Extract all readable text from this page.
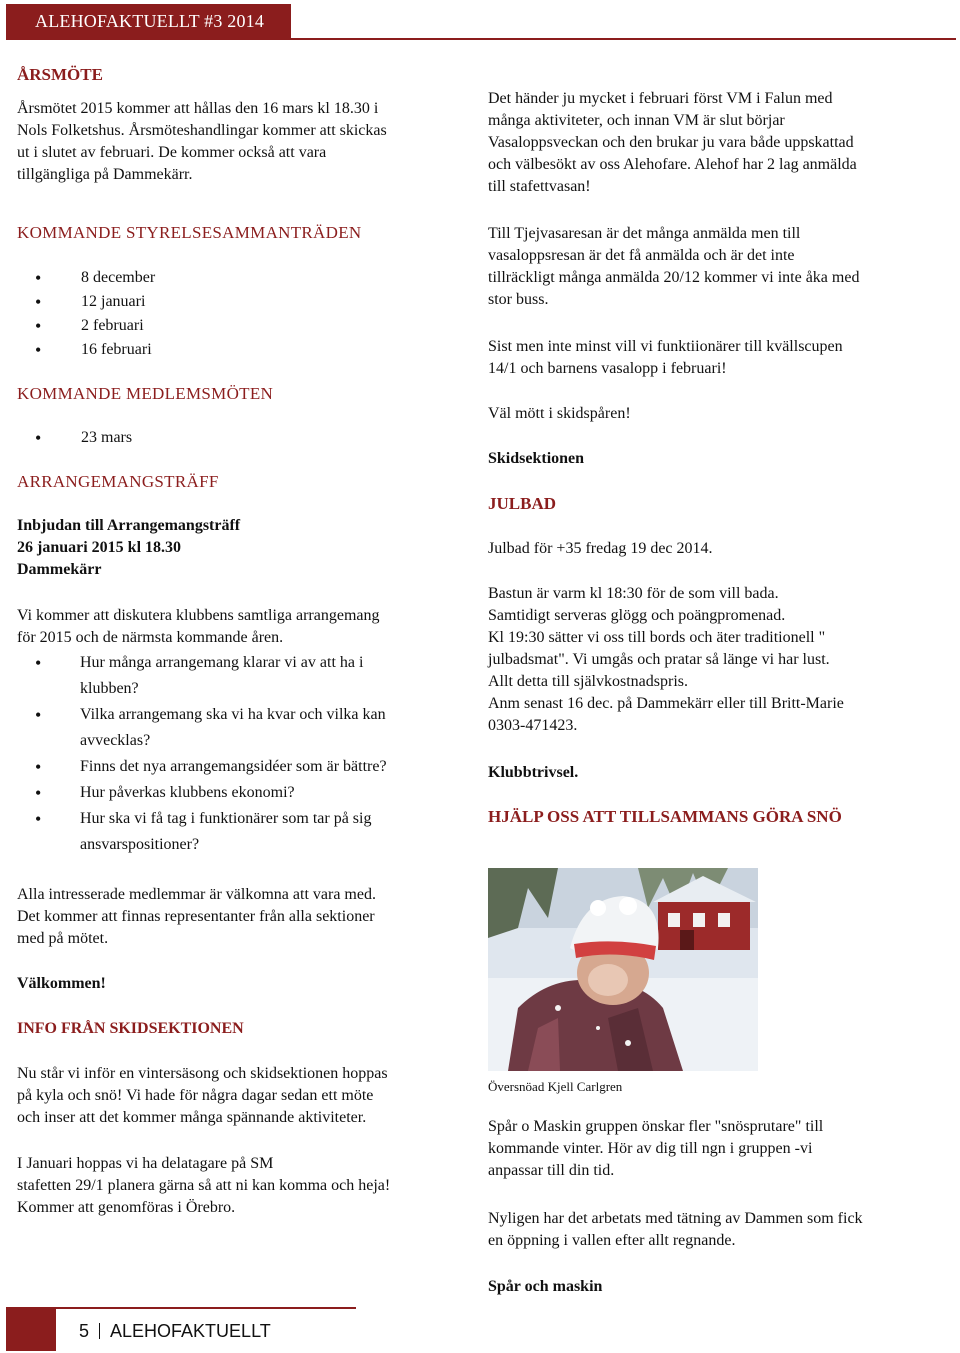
ALEHOFAKTUELLT #3 2014

ÅRSMÖTE

Årsmötet 2015 kommer att hållas den 16 mars kl 18.30 i
Nols Folketshus. Årsmöteshandlingar kommer att skickas
ut i slutet av februari. De kommer också att vara
tillgängliga på Dammekärr.

KOMMANDE STYRELSESAMMANTRÄDEN

• 8 december
• 12 januari
• 2 februari
• 16 februari

KOMMANDE MEDLEMSMÖTEN

• 23 mars

ARRANGEMANGSTRÄFF

Inbjudan till Arrangemangsträff
26 januari 2015 kl 18.30
Dammekärr
Vi kommer att diskutera klubbens samtliga arrangemang
för 2015 och de närmsta kommande åren.
• Hur många arrangemang klarar vi av att ha i
klubben?
• Vilka arrangemang ska vi ha kvar och vilka kan
avvecklas?
• Finns det nya arrangemangsidéer som är bättre?
• Hur påverkas klubbens ekonomi?
• Hur ska vi få tag i funktionärer som tar på sig
ansvarspositioner?
Alla intresserade medlemmar är välkomna att vara med.
Det kommer att finnas representanter från alla sektioner
med på mötet.

Välkommen!

INFO FRÅN SKIDSEKTIONEN

Nu står vi inför en vintersäsong och skidsektionen hoppas
på kyla och snö! Vi hade för några dagar sedan ett möte
och inser att det kommer många spännande aktiviteter.
I Januari hoppas vi ha delatagare på SM
stafetten 29/1 planera gärna så att ni kan komma och heja!
Kommer att genomföras i Örebro.
Det händer ju mycket i februari först VM i Falun med
många aktiviteter, och innan VM är slut börjar
Vasaloppsveckan och den brukar ju vara både uppskattad
och välbesökt av oss Alehofare. Alehof har 2 lag anmälda
till stafettvasan!
Till Tjejvasaresan är det många anmälda men till
vasaloppsresan är det få anmälda och är det inte
tillräckligt många anmälda 20/12 kommer vi inte åka med
stor buss.
Sist men inte minst vill vi funktiionärer till kvällscupen
14/1 och barnens vasalopp i februari!

Väl mött i skidspåren!

Skidsektionen

JULBAD

Julbad för +35 fredag 19 dec 2014.

Bastun är varm kl 18:30 för de som vill bada.
Samtidigt serveras glögg och poängpromenad.
Kl 19:30 sätter vi oss till bords och äter traditionell "
julbadsmat". Vi umgås och pratar så länge vi har lust.
Allt detta till självkostnadspris.
Anm senast 16 dec. på Dammekärr eller till Britt-Marie
0303-471423.

Klubbtrivsel.

HJÄLP OSS ATT TILLSAMMANS GÖRA SNÖ

Översnöad Kjell Carlgren

Spår o Maskin gruppen önskar fler "snösprutare" till
kommande vinter. Hör av dig till ngn i gruppen -vi
anpassar till din tid.
Nyligen har det arbetats med tätning av Dammen som fick
en öppning i vallen efter allt regnande.

Spår och maskin

5 ALEHOFAKTUELLT
